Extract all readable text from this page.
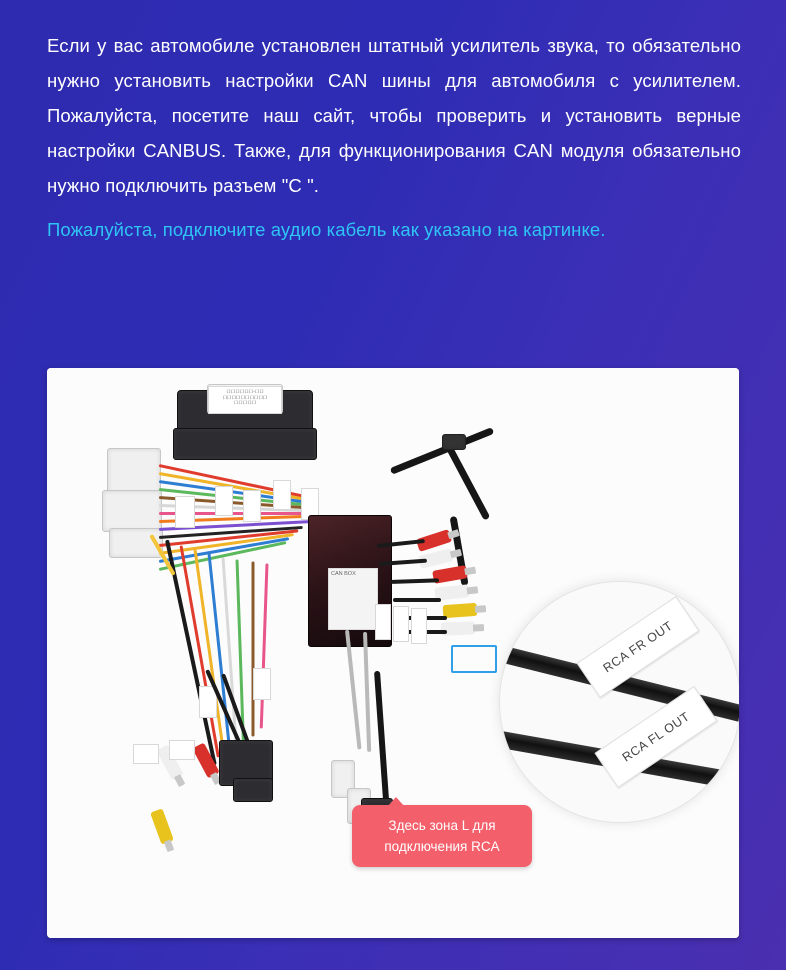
Если у вас автомобиле установлен штатный усилитель звука, то обязательно нужно установить настройки CAN шины для автомобиля с усилителем. Пожалуйста, посетите наш сайт, чтобы проверить и установить верные настройки CANBUS. Также, для функционирования CAN модуля обязательно нужно подключить разъем "C ".

Пожалуйста, подключите аудио кабель как указано на картинке.

口口口口口口-口口
口口口口口口口口口口
口口口口口
CAN BOX
RCA FR OUT
RCA FL OUT
Здесь зона L для подключения RCA
